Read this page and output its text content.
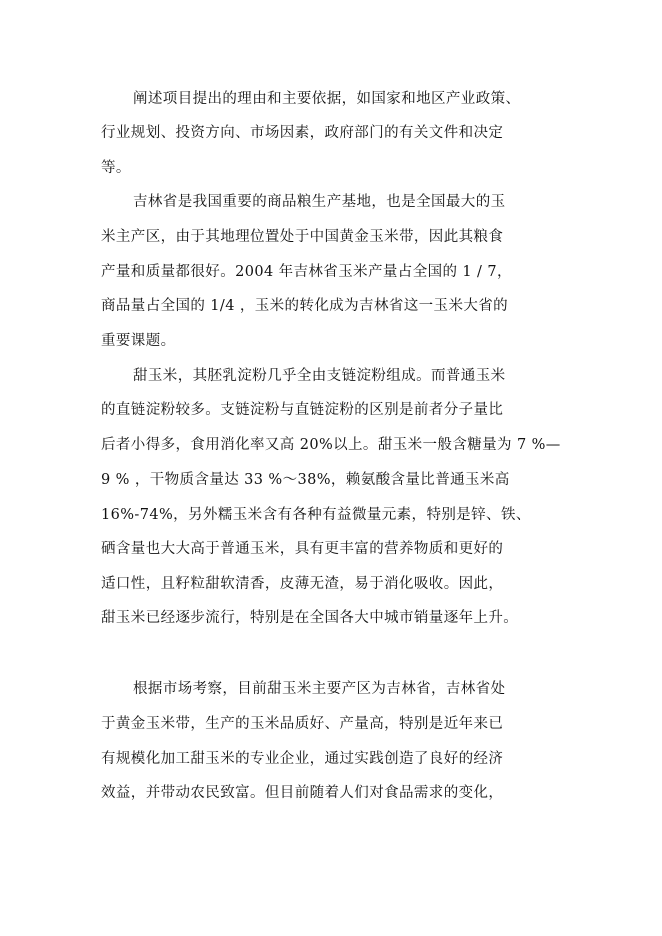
阐述项目提出的理由和主要依据，如国家和地区产业政策、

行业规划、投资方向、市场因素，政府部门的有关文件和决定

等。

吉林省是我国重要的商品粮生产基地，也是全国最大的玉

米主产区，由于其地理位置处于中国黄金玉米带，因此其粮食

产量和质量都很好。2004 年吉林省玉米产量占全国的 1 / 7，

商品量占全国的 1/4 ，玉米的转化成为吉林省这一玉米大省的

重要课题。

甜玉米，其胚乳淀粉几乎全由支链淀粉组成。而普通玉米

的直链淀粉较多。支链淀粉与直链淀粉的区别是前者分子量比

后者小得多，食用消化率又高 20%以上。甜玉米一般含糖量为 7 %—

9 % ，干物质含量达 33 %～38%，赖氨酸含量比普通玉米高

16%-74%，另外糯玉米含有各种有益微量元素，特别是锌、铁、

硒含量也大大高于普通玉米，具有更丰富的营养物质和更好的

适口性，且籽粒甜软清香，皮薄无渣，易于消化吸收。因此，

甜玉米已经逐步流行，特别是在全国各大中城市销量逐年上升。

根据市场考察，目前甜玉米主要产区为吉林省，吉林省处

于黄金玉米带，生产的玉米品质好、产量高，特别是近年来已

有规模化加工甜玉米的专业企业，通过实践创造了良好的经济

效益，并带动农民致富。但目前随着人们对食品需求的变化，
